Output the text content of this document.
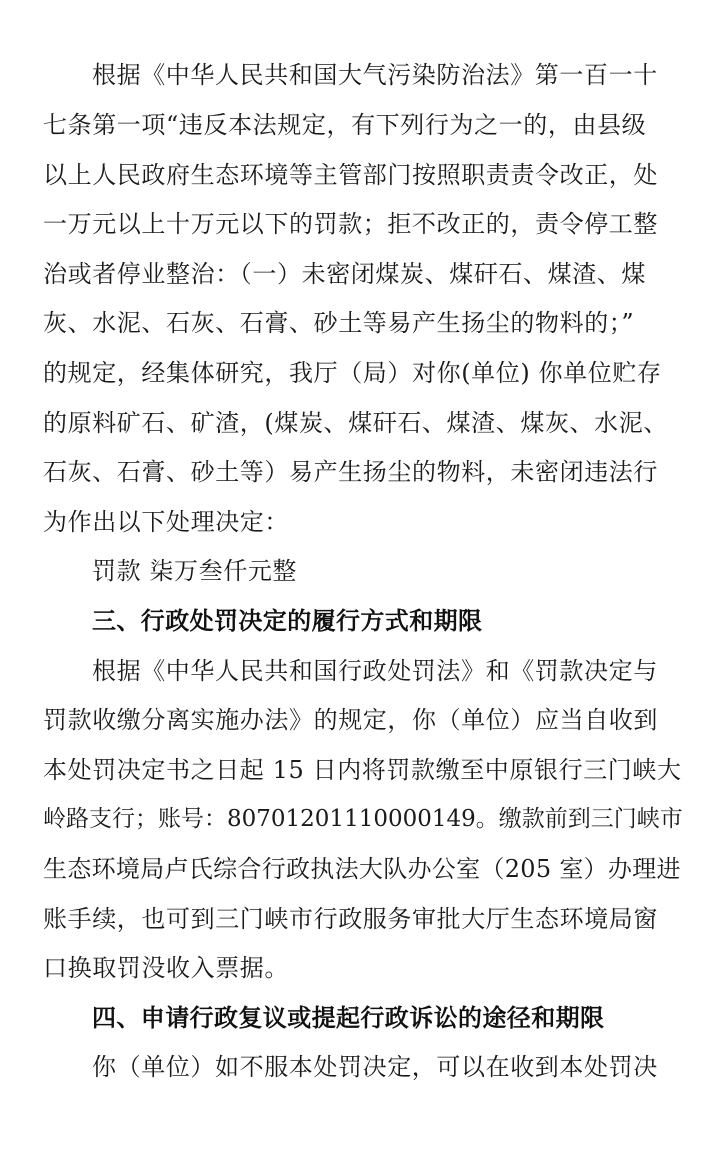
根据《中华人民共和国大气污染防治法》第一百一十
七条第一项“违反本法规定，有下列行为之一的，由县级
以上人民政府生态环境等主管部门按照职责责令改正，处
一万元以上十万元以下的罚款；拒不改正的，责令停工整
治或者停业整治：（一）未密闭煤炭、煤矸石、煤渣、煤
灰、水泥、石灰、石膏、砂土等易产生扬尘的物料的；”
的规定，经集体研究，我厅（局）对你(单位) 你单位贮存
的原料矿石、矿渣，(煤炭、煤矸石、煤渣、煤灰、水泥、
石灰、石膏、砂土等）易产生扬尘的物料，未密闭违法行
为作出以下处理决定：
罚款 柒万叁仟元整
三、行政处罚决定的履行方式和期限
根据《中华人民共和国行政处罚法》和《罚款决定与
罚款收缴分离实施办法》的规定，你（单位）应当自收到
本处罚决定书之日起 15 日内将罚款缴至中原银行三门峡大
岭路支行；账号：80701201110000149。缴款前到三门峡市
生态环境局卢氏综合行政执法大队办公室（205 室）办理进
账手续，也可到三门峡市行政服务审批大厅生态环境局窗
口换取罚没收入票据。
四、申请行政复议或提起行政诉讼的途径和期限
你（单位）如不服本处罚决定，可以在收到本处罚决
